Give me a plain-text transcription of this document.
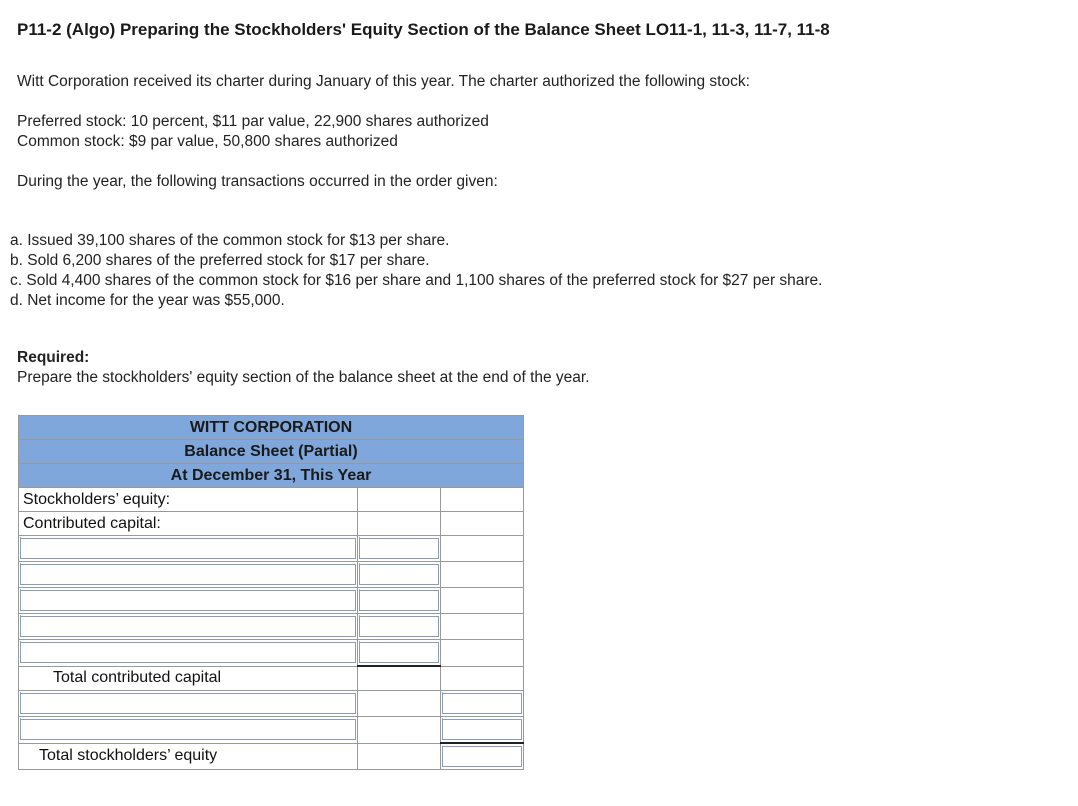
P11-2 (Algo) Preparing the Stockholders' Equity Section of the Balance Sheet LO11-1, 11-3, 11-7, 11-8
Witt Corporation received its charter during January of this year. The charter authorized the following stock:
Preferred stock: 10 percent, $11 par value, 22,900 shares authorized
Common stock: $9 par value, 50,800 shares authorized
During the year, the following transactions occurred in the order given:
a. Issued 39,100 shares of the common stock for $13 per share.
b. Sold 6,200 shares of the preferred stock for $17 per share.
c. Sold 4,400 shares of the common stock for $16 per share and 1,100 shares of the preferred stock for $27 per share.
d. Net income for the year was $55,000.
Required:
Prepare the stockholders' equity section of the balance sheet at the end of the year.
WITT CORPORATION		
Balance Sheet (Partial)		
At December 31, This Year		
Stockholders’ equity:		
Contributed capital:		

Total contributed capital		

Total stockholders’ equity		
